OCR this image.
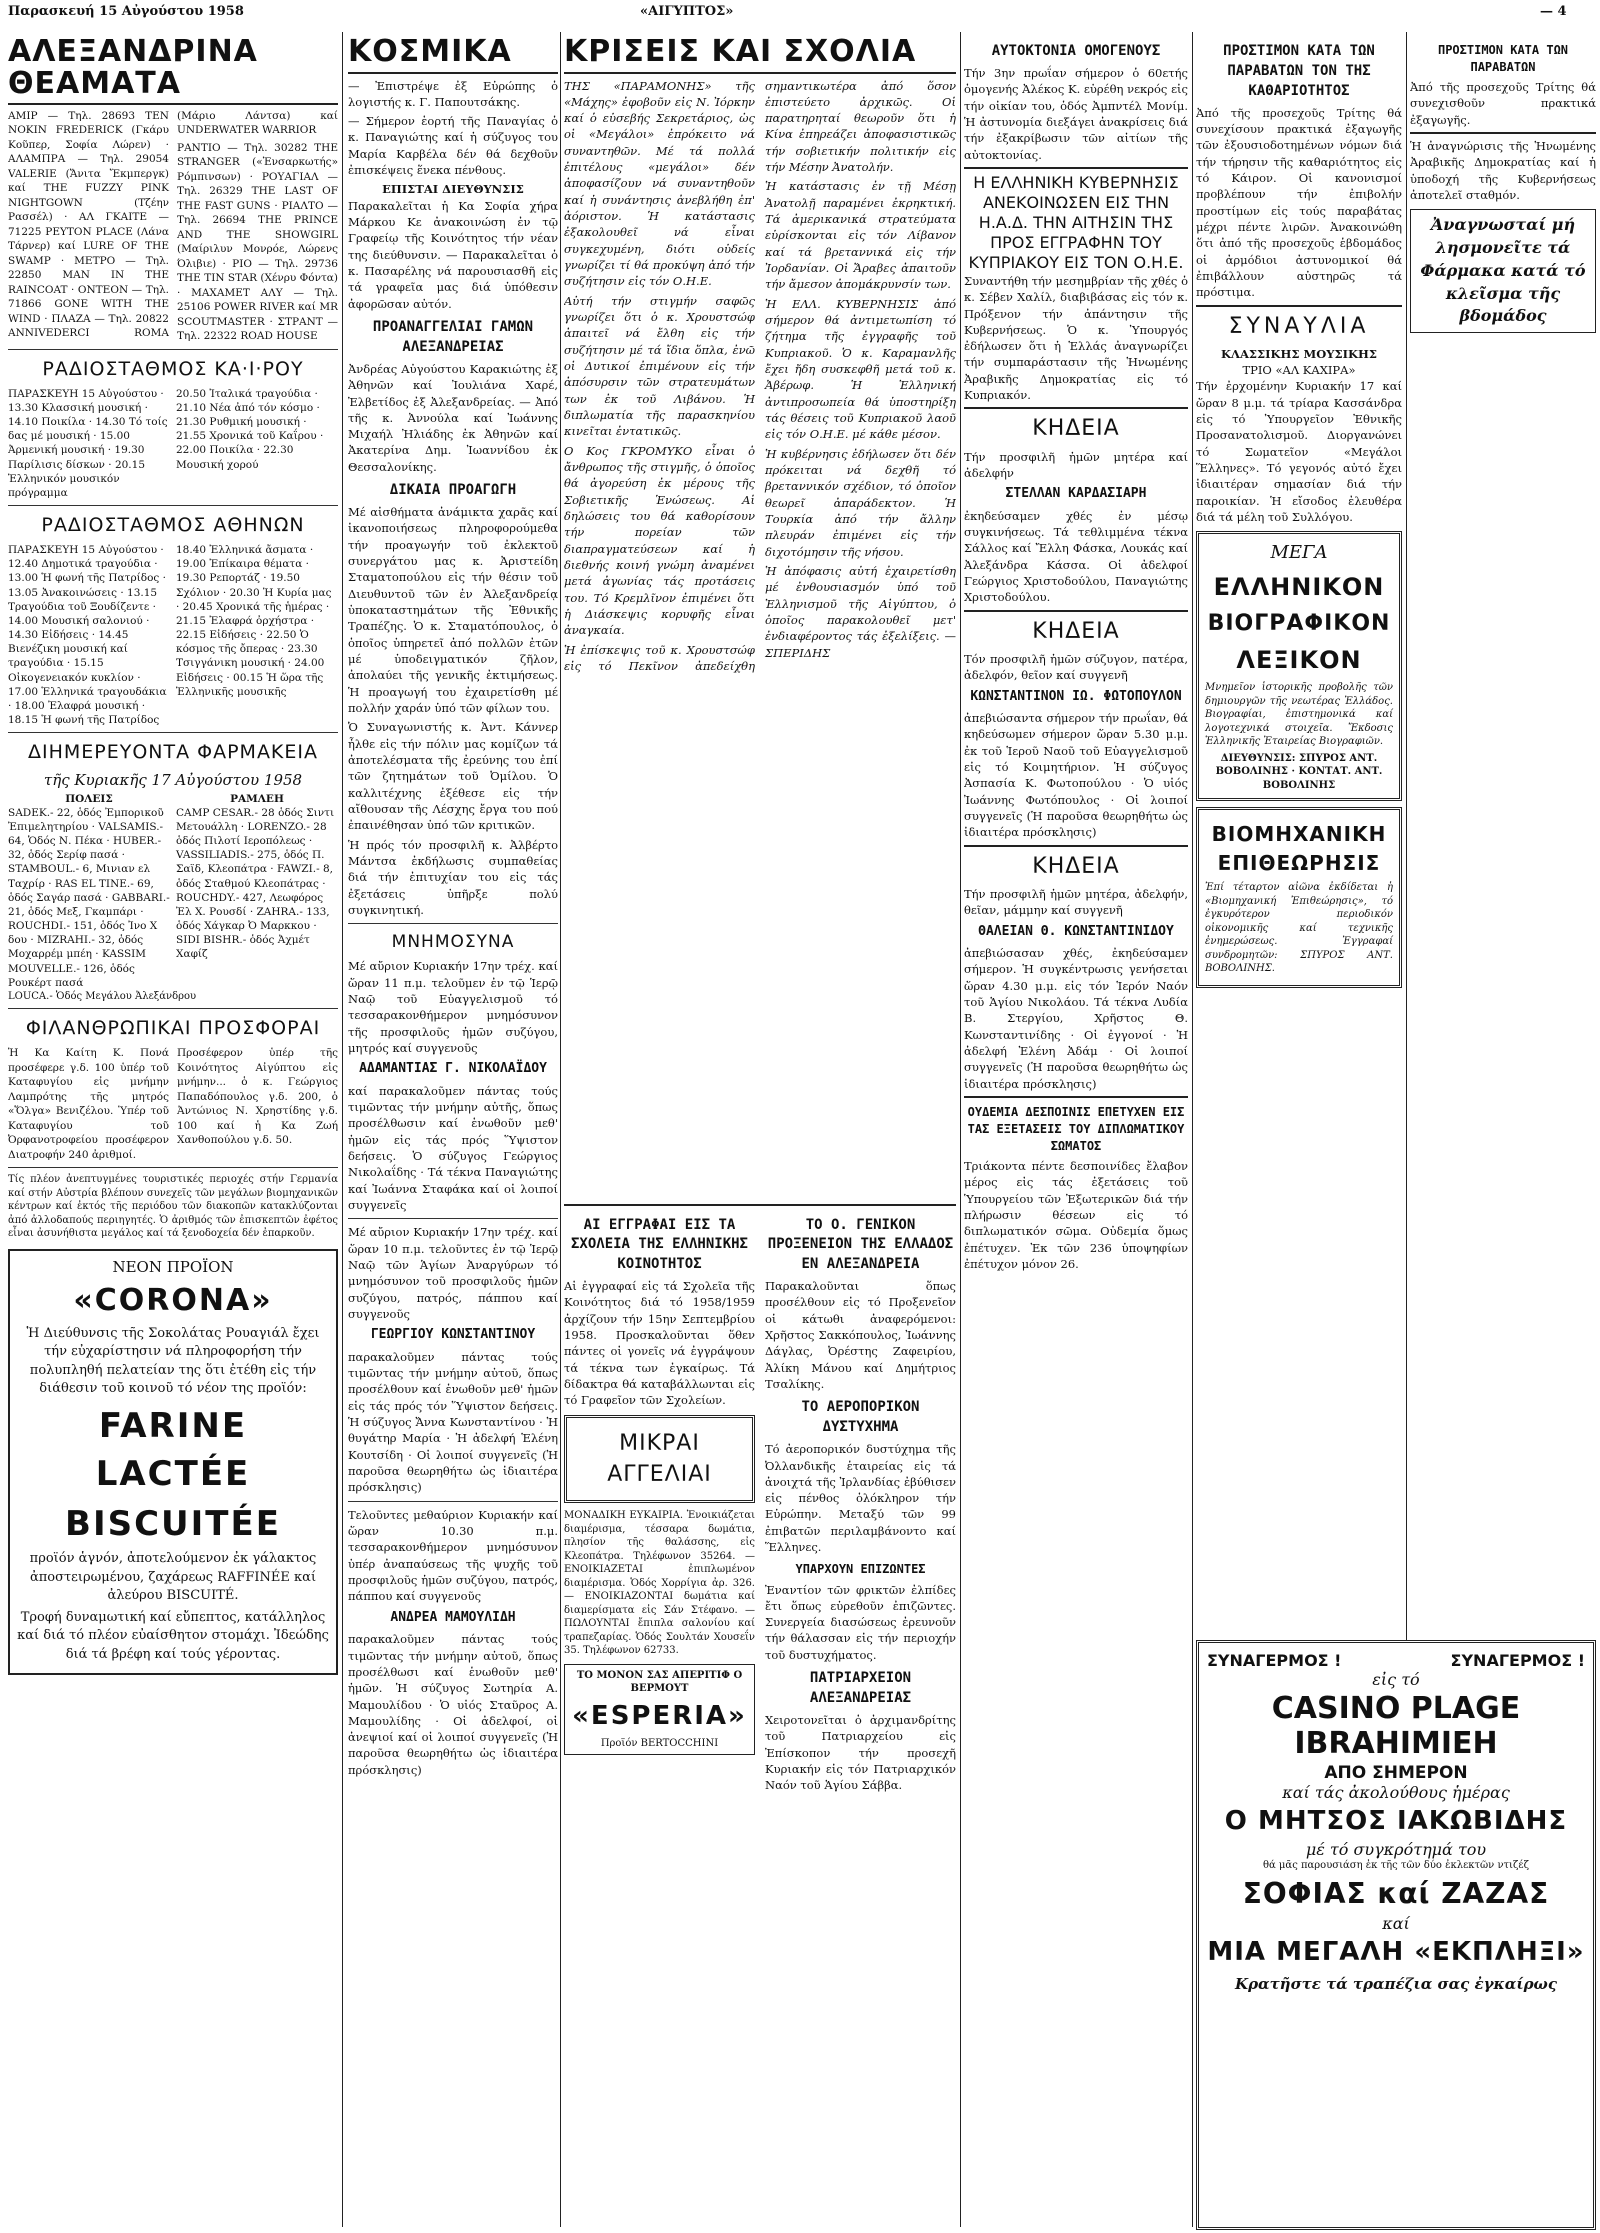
Παρασκευή 15 Αὐγούστου 1958	«ΑΙΓΥΠΤΟΣ»	— 4
ΑΛΕΞΑΝΔΡΙΝΑ ΘΕΑΜΑΤΑ

ΑΜΙΡ — Τηλ. 28693 TEN NOKIN FREDERICK (Γκάρυ Κοῦπερ, Σοφία Λώρεν) · ΑΛΑΜΠΡΑ — Τηλ. 29054 VALERIE (Ἄνιτα Ἔκμπεργκ) καί THE FUZZY PINK NIGHTGOWN (Τζέην Ρασσέλ) · ΑΛ ΓΚΑΙΤΕ — 71225 PEYTON PLACE (Λάνα Τάρνερ) καί LURE OF THE SWAMP · ΜΕΤΡΟ — Τηλ. 22850 MAN IN THE RAINCOAT · ΟΝΤΕΟΝ — Τηλ. 71866 GONE WITH THE WIND · ΠΛΑΖΑ — Τηλ. 20822 ΑΝΝΙVEDERCI ROMA (Μάριο Λάντσα) καί UNDERWATER WARRIOR

ΡΑΝΤΙΟ — Τηλ. 30282 THE STRANGER («Ἐνσαρκωτής» Ρόμπινσων) · ΡΟΥΑΓΙΑΛ — Τηλ. 26329 THE LAST OF THE FAST GUNS · ΡΙΑΛΤΟ — Τηλ. 26694 THE PRINCE AND THE SHOWGIRL (Μαίριλυν Μονρόε, Λώρενς Όλιβιε) · ΡΙΟ — Τηλ. 29736 THE TIN STAR (Χένρυ Φόντα) · ΜΑΧΑΜΕΤ ΑΛΥ — Τηλ. 25106 POWER RIVER καί MR SCOUTMASTER · ΣΤΡΑΝΤ — Τηλ. 22322 ROAD HOUSE

ΡΑΔΙΟΣΤΑΘΜΟΣ ΚΑ·Ι·ΡΟΥ
ΠΑΡΑΣΚΕΥΗ 15 Αὐγούστου · 13.30 Κλασσική μουσική · 14.10 Ποικίλα · 14.30 Τό τοίς δας μέ μουσική · 15.00 Ἀρμενική μουσική · 19.30 Παρίλισις δίσκων · 20.15 Ἑλληνικόν μουσικόν πρόγραμμα
20.50 Ἰταλικά τραγούδια · 21.10 Νέα ἀπό τόν κόσμο · 21.30 Ρυθμική μουσική · 21.55 Χρονικά τοῦ Καΐρου · 22.00 Ποικίλα · 22.30 Μουσική χορού
ΡΑΔΙΟΣΤΑΘΜΟΣ ΑΘΗΝΩΝ
ΠΑΡΑΣΚΕΥΗ 15 Αὐγούστου · 12.40 Δημοτικά τραγούδια · 13.00 Ἡ φωνή τῆς Πατρίδος · 13.05 Ἀνακοινώσεις · 13.15 Τραγούδια τοῦ Ξουδίζεντε · 14.00 Μουσική σαλονιού · 14.30 Εἰδήσεις · 14.45 Βιενέζικη μουσική καί τραγούδια · 15.15 Οἰκογενειακόν κυκλίον · 17.00 Ἑλληνικά τραγουδάκια · 18.00 Ἐλαφρά μουσική · 18.15 Ἡ φωνή τῆς Πατρίδος
18.40 Ἐλληνικά ἄσματα · 19.00 Ἐπίκαιρα θέματα · 19.30 Ρεπορτάζ · 19.50 Σχόλιον · 20.30 Ἡ Κυρία μας · 20.45 Χρονικά τῆς ἡμέρας · 21.15 Ἐλαφρά ὀρχήστρα · 22.15 Εἰδήσεις · 22.50 Ὁ κόσμος τῆς ὄπερας · 23.30 Τσιγγάνικη μουσική · 24.00 Εἰδήσεις · 00.15 Ἡ ὥρα τῆς Ἑλληνικῆς μουσικῆς
ΔΙΗΜΕΡΕΥΟΝΤΑ ΦΑΡΜΑΚΕΙΑ
τῆς Κυριακῆς 17 Αὐγούστου 1958
ΠΟΛΕΙΣ
SADEK.- 22, ὁδός Ἐμπορικοῦ Ἐπιμελητηρίου · VALSAMIS.- 64, Ὁδός Ν. Πέκα · HUBER.- 32, ὁδός Σερίφ πασά · STAMBOUL.- 6, Μινιαν ελ Ταχρίρ · RAS EL TINE.- 69, ὁδός Σαγάρ πασά · GABBARI.- 21, ὁδός Μεξ, Γκαμπάρι · ROUCHDI.- 151, ὁδός Ἰνο Χ δου · MIZRAHI.- 32, ὁδός Μοχαρρέμ μπέη · KASSIM MOUVELLE.- 126, ὁδός Ρουκέρτ πασά
ΡΑΜΛΕΗ
CAMP CESAR.- 28 ὁδός Σιντι Μετουάλλη · LORENZO.- 28 ὁδός Πιλοτί Ιεροπόλεως · VASSILIADIS.- 275, ὁδός Π. Σαϊδ, Κλεοπάτρα · FAWZI.- 8, ὁδός Σταθμού Κλεοπάτρας · ROUCHDY.- 427, Λεωφόρος Ἐλ Χ. Ρουσδί · ZAHRA.- 133, ὁδός Χάγκαρ Ὀ Μαρκκου · SIDI BISHR.- ὁδός Ἀχμέτ Χαφίζ
LOUCA.- Ὁδός Μεγάλου Ἀλεξάνδρου
ΦΙΛΑΝΘΡΩΠΙΚΑΙ ΠΡΟΣΦΟΡΑΙ

Ἡ Κα Καίτη Κ. Πονά προσέφερε γ.δ. 100 ὑπέρ τοῦ Καταφυγίου εἰς μνήμην Λαμπρότης τῆς μητρός «Ὅλγα» Βενιζέλου. Ὑπέρ τοῦ Καταφυγίου τοῦ Ὀρφανοτροφείου προσέφερον Διατροφήν 240 ἀριθμοί.

Προσέφερον ὑπέρ τῆς Κοινότητος Αἰγύπτου εἰς μνήμην... ὁ κ. Γεώργιος Παπαδόπουλος γ.δ. 200, ὁ Ἀντώνιος Ν. Χρηστίδης γ.δ. 100 καί ἡ Κα Ζωή Χανθοπούλου γ.δ. 50.

Τίς πλέον ἀνεπτυγμένες τουριστικές περιοχές στήν Γερμανία καί στήν Αὐστρία βλέπουν συνεχεῖς τῶν μεγάλων βιομηχανικῶν κέντρων καί ἐκτός τῆς περιόδου τῶν διακοπῶν κατακλύζονται ἀπό ἀλλοδαπούς περιηγητές. Ὁ ἀριθμός τῶν ἐπισκεπτῶν ἐφέτος εἶναι ἀσυνήθιστα μεγάλος καί τά ξενοδοχεία δέν ἐπαρκοῦν.

ΝΕΟΝ ΠΡΟΪΟΝ
«CORONA»

Ἡ Διεύθυνσις τῆς Σοκολάτας Ρουαγιάλ ἔχει τήν εὐχαρίστησιν νά πληροφορήση τήν πολυπληθή πελατείαν της ὅτι ἐτέθη εἰς τήν διάθεσιν τοῦ κοινοῦ τό νέον της προϊόν:

FARINE LACTÉE
BISCUITÉE

προϊόν ἁγνόν, ἀποτελούμενον ἐκ γάλακτος ἀποστειρωμένου, ζαχάρεως RAFFINÉE καί ἀλεύρου BISCUITÉ.

Τροφή δυναμωτική καί εὔπεπτος, κατάλληλος καί διά τό πλέον εὐαίσθητον στομάχι. Ἰδεώδης διά τά βρέφη καί τούς γέροντας.

ΚΟΣΜΙΚΑ

— Ἐπιστρέψε ἐξ Εὐρώπης ὁ λογιστής κ. Γ. Παπουτσάκης.

— Σήμερον ἑορτή τῆς Παναγίας ὁ κ. Παναγιώτης καί ἡ σύζυγος του Μαρία Καρβέλα δέν θά δεχθοῦν ἐπισκέψεις ἕνεκα πένθους.

ΕΠΙΣΤΑΙ ΔΙΕΥΘΥΝΣΙΣ

Παρακαλεῖται ἡ Κα Σοφία χήρα Μάρκου Κε ἀνακοινώση ἐν τῷ Γραφείῳ τῆς Κοινότητος τήν νέαν της διεύθυνσιν. — Παρακαλεῖται ὁ κ. Πασαρέλης νά παρουσιασθῆ εἰς τά γραφεῖα μας διά ὑπόθεσιν ἀφορῶσαν αὐτόν.

ΠΡΟΑΝΑΓΓΕΛΙΑΙ ΓΑΜΩΝ ΑΛΕΞΑΝΔΡΕΙΑΣ

Ἀνδρέας Αὐγούστου Καρακιώτης ἐξ Ἀθηνῶν καί Ἰουλιάνα Χαρέ, Ἐλβετίδος ἐξ Ἀλεξανδρείας. — Ἀπό τῆς κ. Ἀννούλα καί Ἰωάννης Μιχαήλ Ἠλιάδης ἐκ Ἀθηνῶν καί Ἀκατερίνα Δημ. Ἰωαννίδου ἐκ Θεσσαλονίκης.

ΔΙΚΑΙΑ ΠΡΟΑΓΩΓΗ

Μέ αἰσθήματα ἀνάμικτα χαρᾶς καί ἱκανοποιήσεως πληροφορούμεθα τήν προαγωγήν τοῦ ἐκλεκτοῦ συνεργάτου μας κ. Ἀριστείδη Σταματοπούλου εἰς τήν θέσιν τοῦ Διευθυντοῦ τῶν ἐν Ἀλεξανδρείᾳ ὑποκαταστημάτων τῆς Ἐθνικῆς Τραπέζης. Ὁ κ. Σταματόπουλος, ὁ ὁποῖος ὑπηρετεῖ ἀπό πολλῶν ἐτῶν μέ ὑποδειγματικόν ζῆλον, ἀπολαύει τῆς γενικῆς ἐκτιμήσεως. Ἡ προαγωγή του ἐχαιρετίσθη μέ πολλήν χαράν ὑπό τῶν φίλων του.

Ὁ Συναγωνιστής κ. Ἀντ. Κάννερ ἦλθε εἰς τήν πόλιν μας κομίζων τά ἀποτελέσματα τῆς ἐρεύνης του ἐπί τῶν ζητημάτων τοῦ Ὀμίλου. Ὁ καλλιτέχνης ἐξέθεσε εἰς τήν αἴθουσαν τῆς Λέσχης ἔργα του πού ἐπαινέθησαν ὑπό τῶν κριτικῶν.

Ἡ πρός τόν προσφιλῆ κ. Ἀλβέρτο Μάντσα ἐκδήλωσις συμπαθείας διά τήν ἐπιτυχίαν του εἰς τάς ἐξετάσεις ὑπῆρξε πολύ συγκινητική.

ΜΝΗΜΟΣΥΝΑ

Μέ αὔριον Κυριακήν 17ην τρέχ. καί ὥραν 11 π.μ. τελοῦμεν ἐν τῷ Ἱερῷ Ναῷ τοῦ Εὐαγγελισμοῦ τό τεσσαρακονθήμερον μνημόσυνον τῆς προσφιλοῦς ἡμῶν συζύγου, μητρός καί συγγενοῦς

ΑΔΑΜΑΝΤΙΑΣ Γ. ΝΙΚΟΛΑΪΔΟΥ

καί παρακαλοῦμεν πάντας τούς τιμῶντας τήν μνήμην αὐτῆς, ὅπως προσέλθωσιν καί ἑνωθοῦν μεθ' ἡμῶν εἰς τάς πρός Ὕψιστον δεήσεις. Ὁ σύζυγος Γεώργιος Νικολαΐδης · Τά τέκνα Παναγιώτης καί Ἰωάννα Σταφάκα καί οἱ λοιποί συγγενεῖς

Μέ αὔριον Κυριακήν 17ην τρέχ. καί ὥραν 10 π.μ. τελοῦντες ἐν τῷ Ἱερῷ Ναῷ τῶν Ἁγίων Ἀναργύρων τό μνημόσυνον τοῦ προσφιλοῦς ἡμῶν συζύγου, πατρός, πάππου καί συγγενοῦς

ΓΕΩΡΓΙΟΥ ΚΩΝΣΤΑΝΤΙΝΟΥ

παρακαλοῦμεν πάντας τούς τιμῶντας τήν μνήμην αὐτοῦ, ὅπως προσέλθουν καί ἑνωθοῦν μεθ' ἡμῶν εἰς τάς πρός τόν Ὕψιστον δεήσεις. Ἡ σύζυγος Ἄννα Κωνσταντίνου · Ἡ θυγάτηρ Μαρία · Ἡ ἀδελφή Ἑλένη Κουτσίδη · Οἱ λοιποί συγγενεῖς (Ἡ παροῦσα θεωρηθήτω ὡς ἰδιαιτέρα πρόσκλησις)

Τελοῦντες μεθαύριον Κυριακήν καί ὥραν 10.30 π.μ. τεσσαρακονθήμερον μνημόσυνον ὑπέρ ἀναπαύσεως τῆς ψυχῆς τοῦ προσφιλοῦς ἡμῶν συζύγου, πατρός, πάππου καί συγγενοῦς

ΑΝΔΡΕΑ ΜΑΜΟΥΛΙΔΗ

παρακαλοῦμεν πάντας τούς τιμῶντας τήν μνήμην αὐτοῦ, ὅπως προσέλθωσι καί ἑνωθοῦν μεθ' ἡμῶν. Ἡ σύζυγος Σωτηρία Α. Μαμουλίδου · Ὁ υἱός Σταῦρος Α. Μαμουλίδης · Οἱ ἀδελφοί, οἱ ἀνεψιοί καί οἱ λοιποί συγγενεῖς (Ἡ παροῦσα θεωρηθήτω ὡς ἰδιαιτέρα πρόσκλησις)

ΚΡΙΣΕΙΣ ΚΑΙ ΣΧΟΛΙΑ

ΤΗΣ «ΠΑΡΑΜΟΝΗΣ» τῆς «Μάχης» ἐφοβοῦν εἰς Ν. Ἰόρκην καί ὁ εὐσεβής Σεκρετάριος, ὡς οἱ «Μεγάλοι» ἐπρόκειτο νά συναντηθῶν. Μέ τά πολλά ἐπιτέλους «μεγάλοι» δέν ἀποφασίζουν νά συναντηθοῦν καί ἡ συνάντησις ἀνεβλήθη ἐπ' ἀόριστον. Ἡ κατάστασις ἐξακολουθεῖ νά εἶναι συγκεχυμένη, διότι οὐδείς γνωρίζει τί θά προκύψη ἀπό τήν συζήτησιν εἰς τόν Ο.Η.Ε.

Αὐτή τήν στιγμήν σαφῶς γνωρίζει ὅτι ὁ κ. Χρουστσώφ ἀπαιτεῖ νά ἔλθη εἰς τήν συζήτησιν μέ τά ἴδια ὅπλα, ἐνῶ οἱ Δυτικοί ἐπιμένουν εἰς τήν ἀπόσυρσιν τῶν στρατευμάτων των ἐκ τοῦ Λιβάνου. Ἡ διπλωματία τῆς παρασκηνίου κινεῖται ἐντατικῶς.

Ο Κος ΓΚΡΟΜΥΚΟ εἶναι ὁ ἄνθρωπος τῆς στιγμῆς, ὁ ὁποῖος θά ἀγορεύση ἐκ μέρους τῆς Σοβιετικῆς Ἑνώσεως. Αἱ δηλώσεις του θά καθορίσουν τήν πορείαν τῶν διαπραγματεύσεων καί ἡ διεθνής κοινή γνώμη ἀναμένει μετά ἀγωνίας τάς προτάσεις του. Τό Κρεμλῖνον ἐπιμένει ὅτι ἡ Διάσκεψις κορυφῆς εἶναι ἀναγκαία.

Ἡ ἐπίσκεψις τοῦ κ. Χρουστσώφ εἰς τό Πεκῖνον ἀπεδείχθη σημαντικωτέρα ἀπό ὅσον ἐπιστεύετο ἀρχικῶς. Οἱ παρατηρηταί θεωροῦν ὅτι ἡ Κίνα ἐπηρεάζει ἀποφασιστικῶς τήν σοβιετικήν πολιτικήν εἰς τήν Μέσην Ἀνατολήν.

Ἡ κατάστασις ἐν τῇ Μέσῃ Ἀνατολῇ παραμένει ἐκρηκτική. Τά ἀμερικανικά στρατεύματα εὑρίσκονται εἰς τόν Λίβανον καί τά βρεταννικά εἰς τήν Ἰορδανίαν. Οἱ Ἄραβες ἀπαιτοῦν τήν ἄμεσον ἀπομάκρυνσίν των.

Ἡ ΕΛΛ. ΚΥΒΕΡΝΗΣΙΣ ἀπό σήμερον θά ἀντιμετωπίση τό ζήτημα τῆς ἐγγραφῆς τοῦ Κυπριακοῦ. Ὁ κ. Καραμανλῆς ἔχει ἤδη συσκεφθῆ μετά τοῦ κ. Ἀβέρωφ. Ἡ Ἑλληνική ἀντιπροσωπεία θά ὑποστηρίξη τάς θέσεις τοῦ Κυπριακοῦ λαοῦ εἰς τόν Ο.Η.Ε. μέ κάθε μέσον.

Ἡ κυβέρνησις ἐδήλωσεν ὅτι δέν πρόκειται νά δεχθῆ τό βρεταννικόν σχέδιον, τό ὁποῖον θεωρεῖ ἀπαράδεκτον. Ἡ Τουρκία ἀπό τήν ἄλλην πλευράν ἐπιμένει εἰς τήν διχοτόμησιν τῆς νήσου.

Ἡ ἀπόφασις αὐτή ἐχαιρετίσθη μέ ἐνθουσιασμόν ὑπό τοῦ Ἑλληνισμοῦ τῆς Αἰγύπτου, ὁ ὁποῖος παρακολουθεῖ μετ' ἐνδιαφέροντος τάς ἐξελίξεις. — ΣΠΕΡΙΔΗΣ

ΑΙ ΕΓΓΡΑΦΑΙ ΕΙΣ ΤΑ ΣΧΟΛΕΙΑ ΤΗΣ ΕΛΛΗΝΙΚΗΣ ΚΟΙΝΟΤΗΤΟΣ

Αἱ ἐγγραφαί εἰς τά Σχολεῖα τῆς Κοινότητος διά τό 1958/1959 ἀρχίζουν τήν 15ην Σεπτεμβρίου 1958. Προσκαλοῦνται ὅθεν πάντες οἱ γονεῖς νά ἐγγράψουν τά τέκνα των ἐγκαίρως. Τά δίδακτρα θά καταβάλλωνται εἰς τό Γραφεῖον τῶν Σχολείων.

ΜΙΚΡΑΙ ΑΓΓΕΛΙΑΙ

ΜΟΝΑΔΙΚΗ ΕΥΚΑΙΡΙΑ. Ἐνοικιάζεται διαμέρισμα, τέσσαρα δωμάτια, πλησίον τῆς θαλάσσης, εἰς Κλεοπάτρα. Τηλέφωνον 35264. — ΕΝΟΙΚΙΑΖΕΤΑΙ ἐπιπλωμένον διαμέρισμα. Ὁδός Χορρίγια ἀρ. 326. — ΕΝΟΙΚΙΑΖΟΝΤΑΙ δωμάτια καί διαμερίσματα εἰς Σάν Στέφανο. — ΠΩΛΟΥΝΤΑΙ ἔπιπλα σαλονίου καί τραπεζαρίας. Ὁδός Σουλτάν Χουσεΐν 35. Τηλέφωνον 62733.

ΤΟ ΜΟΝΟΝ ΣΑΣ ΑΠΕΡΙΤΙΦ Ο ΒΕΡΜΟΥΤ
«ESPERIA»
Προϊόν BERTOCCHINI
ΤΟ Ο. ΓΕΝΙΚΟΝ ΠΡΟΞΕΝΕΙΟΝ ΤΗΣ ΕΛΛΑΔΟΣ ΕΝ ΑΛΕΞΑΝΔΡΕΙΑ

Παρακαλοῦνται ὅπως προσέλθουν εἰς τό Προξενεῖον οἱ κάτωθι ἀναφερόμενοι: Χρῆστος Σακκόπουλος, Ἰωάννης Δάγλας, Ὀρέστης Ζαφειρίου, Ἀλίκη Μάνου καί Δημήτριος Τσαλίκης.

ΤΟ ΑΕΡΟΠΟΡΙΚΟΝ ΔΥΣΤΥΧΗΜΑ

Τό ἀεροπορικόν δυστύχημα τῆς Ὀλλανδικῆς ἑταιρείας εἰς τά ἀνοιχτά τῆς Ἰρλανδίας ἐβύθισεν εἰς πένθος ὁλόκληρον τήν Εὐρώπην. Μεταξύ τῶν 99 ἐπιβατῶν περιλαμβάνοντο καί Ἕλληνες.

ΥΠΑΡΧΟΥΝ ΕΠΙΖΩΝΤΕΣ

Ἐναντίον τῶν φρικτῶν ἐλπίδες ἔτι ὅπως εὑρεθοῦν ἐπιζῶντες. Συνεργεία διασώσεως ἐρευνοῦν τήν θάλασσαν εἰς τήν περιοχήν τοῦ δυστυχήματος.

ΠΑΤΡΙΑΡΧΕΙΟΝ ΑΛΕΞΑΝΔΡΕΙΑΣ

Χειροτονεῖται ὁ ἀρχιμανδρίτης τοῦ Πατριαρχείου εἰς Ἐπίσκοπον τήν προσεχῆ Κυριακήν εἰς τόν Πατριαρχικόν Ναόν τοῦ Ἁγίου Σάββα.

ΑΥΤΟΚΤΟΝΙΑ ΟΜΟΓΕΝΟΥΣ

Τήν 3ην πρωΐαν σήμερον ὁ 60ετής ὁμογενής Ἀλέκος Κ. εὑρέθη νεκρός εἰς τήν οἰκίαν του, ὁδός Ἀμπντέλ Μονίμ. Ἡ ἀστυνομία διεξάγει ἀνακρίσεις διά τήν ἐξακρίβωσιν τῶν αἰτίων τῆς αὐτοκτονίας.

Η ΕΛΛΗΝΙΚΗ ΚΥΒΕΡΝΗΣΙΣ ΑΝΕΚΟΙΝΩΣΕΝ ΕΙΣ ΤΗΝ Η.Α.Δ. ΤΗΝ ΑΙΤΗΣΙΝ ΤΗΣ ΠΡΟΣ ΕΓΓΡΑΦΗΝ ΤΟΥ ΚΥΠΡΙΑΚΟΥ ΕΙΣ ΤΟΝ Ο.Η.Ε.

Συναντήθη τήν μεσημβρίαν τῆς χθές ὁ κ. Σέβεν Χαλίλ, διαβιβάσας εἰς τόν κ. Πρόξενον τήν ἀπάντησιν τῆς Κυβερνήσεως. Ὁ κ. Ὑπουργός ἐδήλωσεν ὅτι ἡ Ἑλλάς ἀναγνωρίζει τήν συμπαράστασιν τῆς Ἡνωμένης Ἀραβικῆς Δημοκρατίας εἰς τό Κυπριακόν.

ΚΗΔΕΙΑ

Τήν προσφιλῆ ἡμῶν μητέρα καί ἀδελφήν

ΣΤΕΛΛΑΝ ΚΑΡΔΑΣΙΑΡΗ

ἐκηδεύσαμεν χθές ἐν μέσῳ συγκινήσεως. Τά τεθλιμμένα τέκνα Σάλλος καί Ἔλλη Φάσκα, Λουκάς καί Ἀλεξάνδρα Κάσσα. Οἱ ἀδελφοί Γεώργιος Χριστοδούλου, Παναγιώτης Χριστοδούλου.

ΚΗΔΕΙΑ

Τόν προσφιλῆ ἡμῶν σύζυγον, πατέρα, ἀδελφόν, θεῖον καί συγγενῆ

ΚΩΝΣΤΑΝΤΙΝΟΝ ΙΩ. ΦΩΤΟΠΟΥΛΟΝ

ἀπεβιώσαντα σήμερον τήν πρωΐαν, θά κηδεύσωμεν σήμερον ὥραν 5.30 μ.μ. ἐκ τοῦ Ἱεροῦ Ναοῦ τοῦ Εὐαγγελισμοῦ εἰς τό Κοιμητήριον. Ἡ σύζυγος Ἀσπασία Κ. Φωτοπούλου · Ὁ υἱός Ἰωάννης Φωτόπουλος · Οἱ λοιποί συγγενεῖς (Ἡ παροῦσα θεωρηθήτω ὡς ἰδιαιτέρα πρόσκλησις)

ΚΗΔΕΙΑ

Τήν προσφιλῆ ἡμῶν μητέρα, ἀδελφήν, θεῖαν, μάμμην καί συγγενῆ

ΘΑΛΕΙΑΝ Θ. ΚΩΝΣΤΑΝΤΙΝΙΔΟΥ

ἀπεβιώσασαν χθές, ἐκηδεύσαμεν σήμερον. Ἡ συγκέντρωσις γενήσεται ὥραν 4.30 μ.μ. εἰς τόν Ἱερόν Ναόν τοῦ Ἁγίου Νικολάου. Τά τέκνα Λυδία Β. Στεργίου, Χρῆστος Θ. Κωνσταντινίδης · Οἱ ἐγγονοί · Ἡ ἀδελφή Ἑλένη Ἀδάμ · Οἱ λοιποί συγγενεῖς (Ἡ παροῦσα θεωρηθήτω ὡς ἰδιαιτέρα πρόσκλησις)

ΟΥΔΕΜΙΑ ΔΕΣΠΟΙΝΙΣ ΕΠΕΤΥΧΕΝ ΕΙΣ ΤΑΣ ΕΞΕΤΑΣΕΙΣ ΤΟΥ ΔΙΠΛΩΜΑΤΙΚΟΥ ΣΩΜΑΤΟΣ

Τριάκοντα πέντε δεσποινίδες ἔλαβον μέρος εἰς τάς ἐξετάσεις τοῦ Ὑπουργείου τῶν Ἐξωτερικῶν διά τήν πλήρωσιν θέσεων εἰς τό διπλωματικόν σῶμα. Οὐδεμία ὅμως ἐπέτυχεν. Ἐκ τῶν 236 ὑποψηφίων ἐπέτυχον μόνον 26.

ΠΡΟΣΤΙΜΟΝ ΚΑΤΑ ΤΩΝ ΠΑΡΑΒΑΤΩΝ ΤΟΝ ΤΗΣ ΚΑΘΑΡΙΟΤΗΤΟΣ

Ἀπό τῆς προσεχοῦς Τρίτης θά συνεχίσουν πρακτικά ἐξαγωγῆς τῶν ἐξουσιοδοτημένων νόμων διά τήν τήρησιν τῆς καθαριότητος εἰς τό Κάιρον. Οἱ κανονισμοί προβλέπουν τήν ἐπιβολήν προστίμων εἰς τούς παραβάτας μέχρι πέντε λιρῶν. Ἀνακοινώθη ὅτι ἀπό τῆς προσεχοῦς ἑβδομάδος οἱ ἀρμόδιοι ἀστυνομικοί θά ἐπιβάλλουν αὐστηρῶς τά πρόστιμα.

ΣΥΝΑΥΛΙΑ
ΚΛΑΣΣΙΚΗΣ ΜΟΥΣΙΚΗΣ
ΤΡΙΟ «ΑΛ ΚΑΧΙΡΑ»

Τήν ἐρχομένην Κυριακήν 17 καί ὥραν 8 μ.μ. τά τρίαρα Κασσάνδρα εἰς τό Ὑπουργεῖον Ἐθνικῆς Προσανατολισμοῦ. Διοργανώνει τό Σωματεῖον «Μεγάλοι Ἕλληνες». Τό γεγονός αὐτό ἔχει ἰδιαιτέραν σημασίαν διά τήν παροικίαν. Ἡ εἴσοδος ἐλευθέρα διά τά μέλη τοῦ Συλλόγου.

ΜΕΓΑ
ΕΛΛΗΝΙΚΟΝ
ΒΙΟΓΡΑΦΙΚΟΝ
ΛΕΞΙΚΟΝ

Μνημεῖον ἱστορικῆς προβολῆς τῶν δημιουργῶν τῆς νεωτέρας Ἑλλάδος. Βιογραφίαι, ἐπιστημονικά καί λογοτεχνικά στοιχεῖα. Ἔκδοσις Ἑλληνικῆς Ἐταιρείας Βιογραφιῶν.

ΔΙΕΥΘΥΝΣΙΣ: ΣΠΥΡΟΣ ΑΝΤ. ΒΟΒΟΛΙΝΗΣ · ΚΟΝΤΑΤ. ΑΝΤ. ΒΟΒΟΛΙΝΗΣ
ΒΙΟΜΗΧΑΝΙΚΗ ΕΠΙΘΕΩΡΗΣΙΣ

Ἐπί τέταρτον αἰῶνα ἐκδίδεται ἡ «Βιομηχανική Ἐπιθεώρησις», τό ἐγκυρότερον περιοδικόν οἰκονομικῆς καί τεχνικῆς ἐνημερώσεως. Ἐγγραφαί συνδρομητῶν: ΣΠΥΡΟΣ ΑΝΤ. ΒΟΒΟΛΙΝΗΣ.

ΠΡΟΣΤΙΜΟΝ ΚΑΤΑ ΤΩΝ ΠΑΡΑΒΑΤΩΝ

Ἀπό τῆς προσεχοῦς Τρίτης θά συνεχισθοῦν πρακτικά ἐξαγωγῆς.

Ἡ ἀναγνώρισις τῆς Ἡνωμένης Ἀραβικῆς Δημοκρατίας καί ἡ ὑποδοχή τῆς Κυβερνήσεως ἀποτελεῖ σταθμόν.

Ἀναγνωσταί μή λησμονεῖτε τά Φάρμακα κατά τό κλεῖσμα τῆς βδομάδος
ΣΥΝΑΓΕΡΜΟΣ !	ΣΥΝΑΓΕΡΜΟΣ !
εἰς τό
CASINO PLAGE IBRAHIMIEH
ΑΠΟ ΣΗΜΕΡΟΝ
καί τάς ἀκολούθους ἡμέρας
Ο ΜΗΤΣΟΣ ΙΑΚΩΒΙΔΗΣ
μέ τό συγκρότημά του
θά μᾶς παρουσιάση ἐκ τῆς τῶν δύο ἐκλεκτῶν ντιζέζ
ΣΟΦΙΑΣ καί ΖΑΖΑΣ
καί
ΜΙΑ ΜΕΓΑΛΗ «ΕΚΠΛΗΞΙ»
Κρατῆστε τά τραπέζια σας ἐγκαίρως
